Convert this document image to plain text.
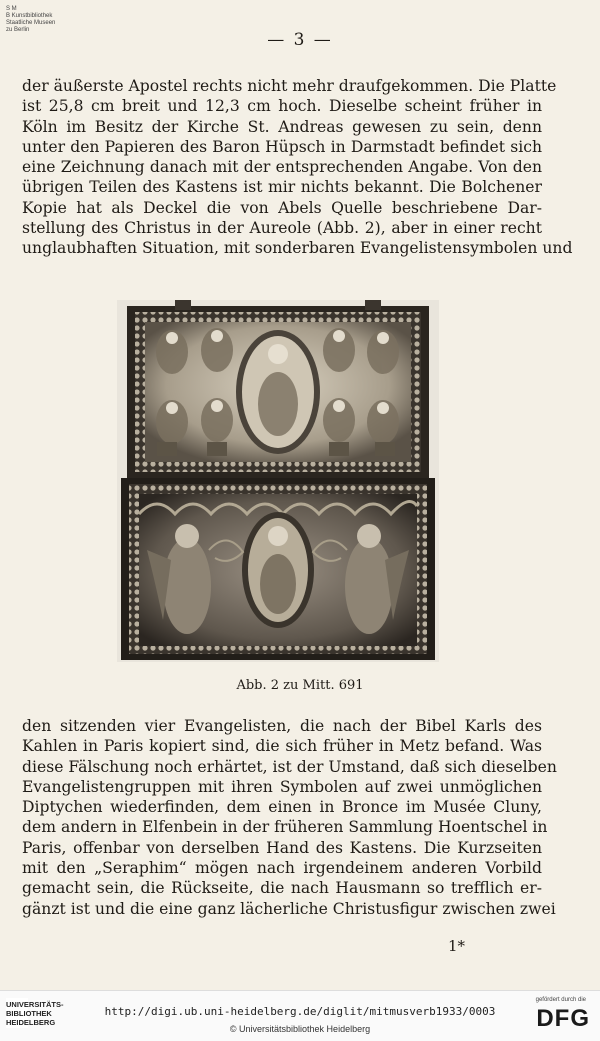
S M
B Kunstbibliothek
Staatliche Museen
zu Berlin	— 3 —

der äußerste Apostel rechts nicht mehr draufgekommen. Die Platte
ist 25,8 cm breit und 12,3 cm hoch. Dieselbe scheint früher in
Köln im Besitz der Kirche St. Andreas gewesen zu sein, denn
unter den Papieren des Baron Hüpsch in Darmstadt befindet sich
eine Zeichnung danach mit der entsprechenden Angabe. Von den
übrigen Teilen des Kastens ist mir nichts bekannt. Die Bolchener
Kopie hat als Deckel die von Abels Quelle beschriebene Dar-
stellung des Christus in der Aureole (Abb. 2), aber in einer recht
unglaubhaften Situation, mit sonderbaren Evangelistensymbolen und

Abb. 2 zu Mitt. 691

den sitzenden vier Evangelisten, die nach der Bibel Karls des
Kahlen in Paris kopiert sind, die sich früher in Metz befand. Was
diese Fälschung noch erhärtet, ist der Umstand, daß sich dieselben
Evangelistengruppen mit ihren Symbolen auf zwei unmöglichen
Diptychen wiederfinden, dem einen in Bronce im Musée Cluny,
dem andern in Elfenbein in der früheren Sammlung Hoentschel in
Paris, offenbar von derselben Hand des Kastens. Die Kurzseiten
mit den „Seraphim“ mögen nach irgendeinem anderen Vorbild
gemacht sein, die Rückseite, die nach Hausmann so trefflich er-
gänzt ist und die eine ganz lächerliche Christusfigur zwischen zwei

1*
UNIVERSITÄTS-
BIBLIOTHEK
HEIDELBERG
http://digi.ub.uni-heidelberg.de/diglit/mitmusverb1933/0003
© Universitätsbibliothek Heidelberg
gefördert durch die
DFG
